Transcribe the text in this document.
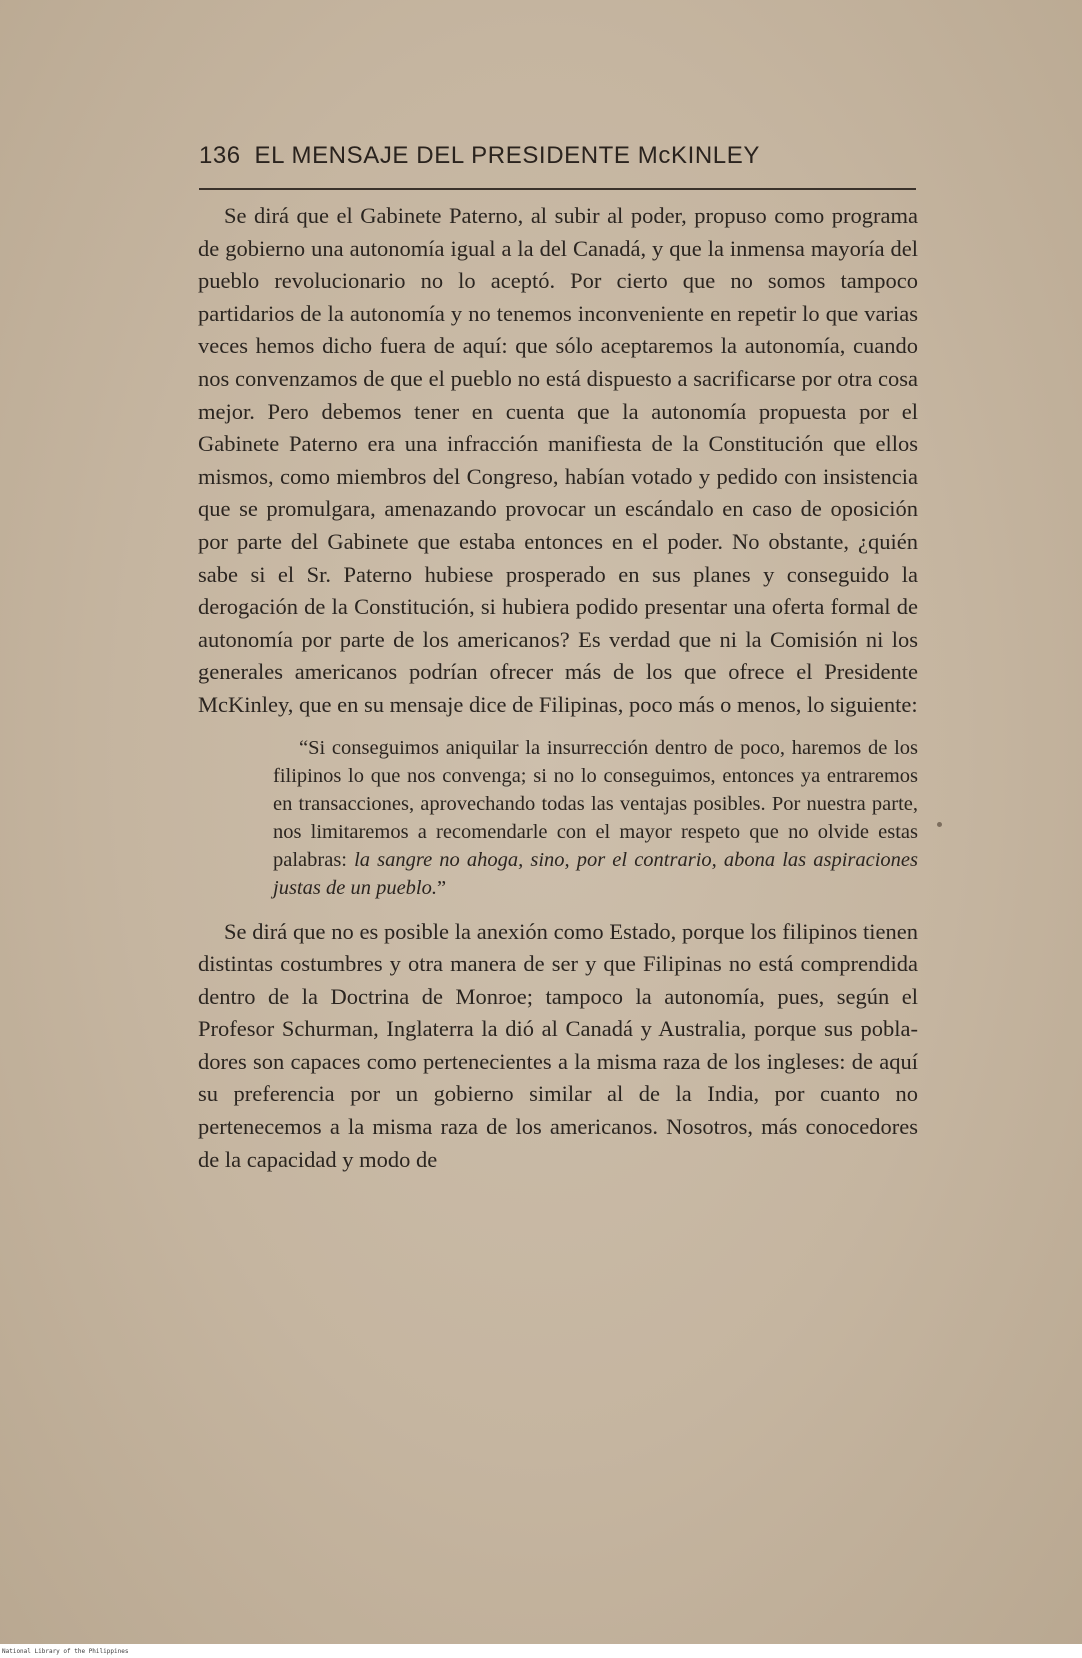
136 EL MENSAJE DEL PRESIDENTE McKINLEY

Se dirá que el Gabinete Paterno, al subir al poder, propuso como programa de gobierno una autonomía igual a la del Canadá, y que la inmensa mayoría del pueblo revolucionario no lo aceptó. Por cierto que no somos tampoco partidarios de la autonomía y no tenemos inconveniente en repetir lo que varias veces hemos dicho fuera de aquí: que sólo aceptaremos la autonomía, cuando nos convenzamos de que el pueblo no está dispuesto a sacrificarse por otra cosa mejor. Pero debemos tener en cuenta que la autonomía propuesta por el Gabinete Paterno era una infracción manifiesta de la Constitución que ellos mismos, como miembros del Congreso, habían votado y pedido con insistencia que se promulgara, amenazando provocar un escándalo en caso de oposición por parte del Gabinete que estaba entonces en el poder. No obstante, ¿quién sabe si el Sr. Paterno hubiese prosperado en sus planes y conseguido la derogación de la Constitución, si hubiera podido presentar una oferta formal de autonomía por parte de los americanos? Es verdad que ni la Comisión ni los generales americanos podrían ofrecer más de los que ofrece el Presidente McKinley, que en su mensaje dice de Filipinas, poco más o menos, lo siguiente:

“Si conseguimos aniquilar la insurrección dentro de poco, haremos de los filipinos lo que nos convenga; si no lo conseguimos, entonces ya entraremos en transacciones, aprovechando todas las ventajas posibles. Por nuestra parte, nos limitaremos a recomendarle con el mayor respeto que no olvide estas palabras: la sangre no ahoga, sino, por el contrario, abona las aspiraciones justas de un pueblo.”

Se dirá que no es posible la anexión como Estado, porque los filipinos tienen distintas costumbres y otra manera de ser y que Filipinas no está comprendida dentro de la Doctrina de Monroe; tampoco la autonomía, pues, según el Profesor Schurman, Inglaterra la dió al Canadá y Australia, porque sus pobladores son capaces como pertenecientes a la misma raza de los ingleses: de aquí su preferencia por un gobierno similar al de la India, por cuanto no pertenecemos a la misma raza de los americanos. Nosotros, más conocedores de la capacidad y modo de

National Library of the Philippines
